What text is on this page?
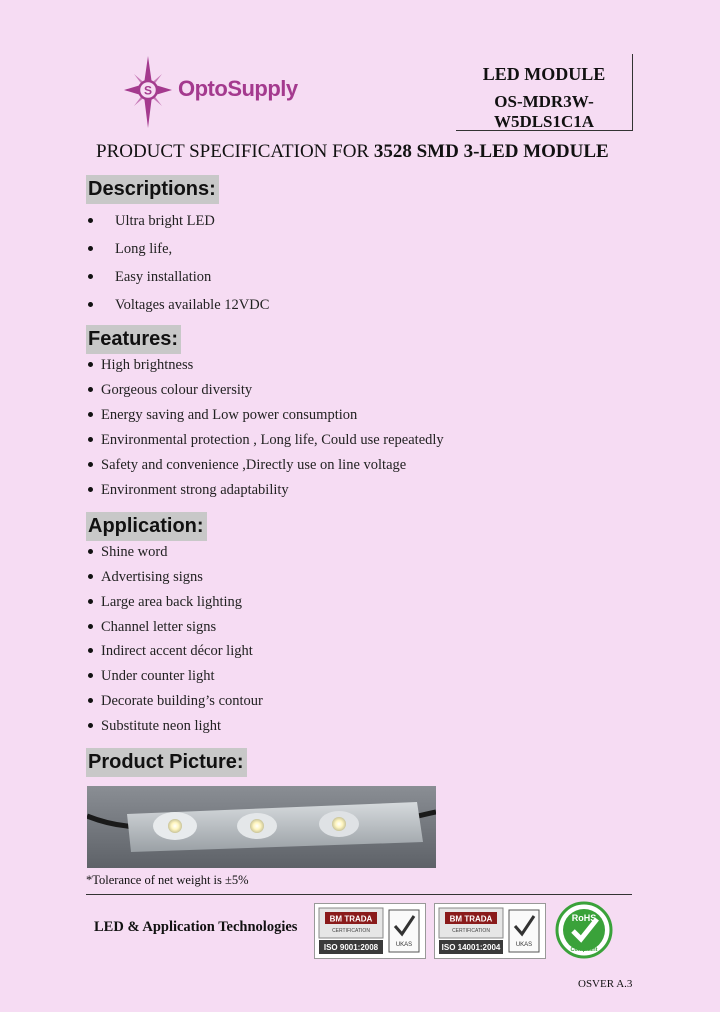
S OptoSupply
LED MODULE
OS-MDR3W-
W5DLS1C1A
PRODUCT SPECIFICATION FOR 3528 SMD 3-LED MODULE
Descriptions:
Ultra bright LED
Long life,
Easy installation
Voltages available 12VDC
Features:
High brightness
Gorgeous colour diversity
Energy saving and Low power consumption
Environmental protection , Long life, Could use repeatedly
Safety and convenience ,Directly use on line voltage
Environment strong adaptability
Application:
Shine word
Advertising signs
Large area back lighting
Channel letter signs
Indirect accent décor light
Under counter light
Decorate building’s contour
Substitute neon light
Product Picture:
*Tolerance of net weight is ±5%
LED & Application Technologies	BM TRADA
CERTIFICATION
ISO 9001:2008	UKAS
BM TRADA
CERTIFICATION
ISO 14001:2004	UKAS
RoHS
Compliant
OSVER A.3
